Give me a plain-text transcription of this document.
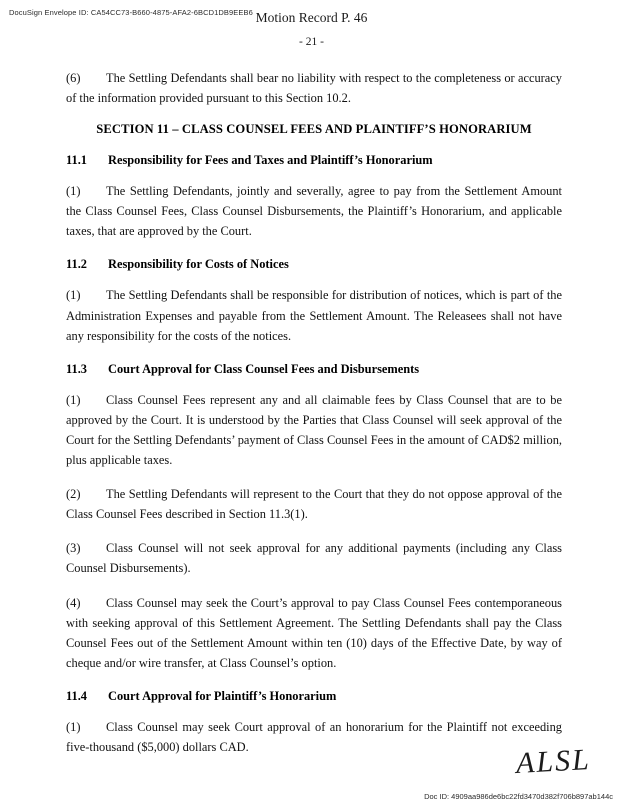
DocuSign Envelope ID: CA54CC73-B660-4875-AFA2-6BCD1DB9EEB6 Motion Record P. 46
- 21 -

(6) The Settling Defendants shall bear no liability with respect to the completeness or accuracy of the information provided pursuant to this Section 10.2.

SECTION 11 – CLASS COUNSEL FEES AND PLAINTIFF’S HONORARIUM
11.1 Responsibility for Fees and Taxes and Plaintiff’s Honorarium

(1) The Settling Defendants, jointly and severally, agree to pay from the Settlement Amount the Class Counsel Fees, Class Counsel Disbursements, the Plaintiff’s Honorarium, and applicable taxes, that are approved by the Court.

11.2 Responsibility for Costs of Notices

(1) The Settling Defendants shall be responsible for distribution of notices, which is part of the Administration Expenses and payable from the Settlement Amount. The Releasees shall not have any responsibility for the costs of the notices.

11.3 Court Approval for Class Counsel Fees and Disbursements

(1) Class Counsel Fees represent any and all claimable fees by Class Counsel that are to be approved by the Court. It is understood by the Parties that Class Counsel will seek approval of the Court for the Settling Defendants’ payment of Class Counsel Fees in the amount of CAD$2 million, plus applicable taxes.

(2) The Settling Defendants will represent to the Court that they do not oppose approval of the Class Counsel Fees described in Section 11.3(1).

(3) Class Counsel will not seek approval for any additional payments (including any Class Counsel Disbursements).

(4) Class Counsel may seek the Court’s approval to pay Class Counsel Fees contemporaneous with seeking approval of this Settlement Agreement. The Settling Defendants shall pay the Class Counsel Fees out of the Settlement Amount within ten (10) days of the Effective Date, by way of cheque and/or wire transfer, at Class Counsel’s option.

11.4 Court Approval for Plaintiff’s Honorarium

(1) Class Counsel may seek Court approval of an honorarium for the Plaintiff not exceeding five-thousand ($5,000) dollars CAD.	ALSL
Doc ID: 4909aa986de6bc22fd3470d382f706b897ab144c
